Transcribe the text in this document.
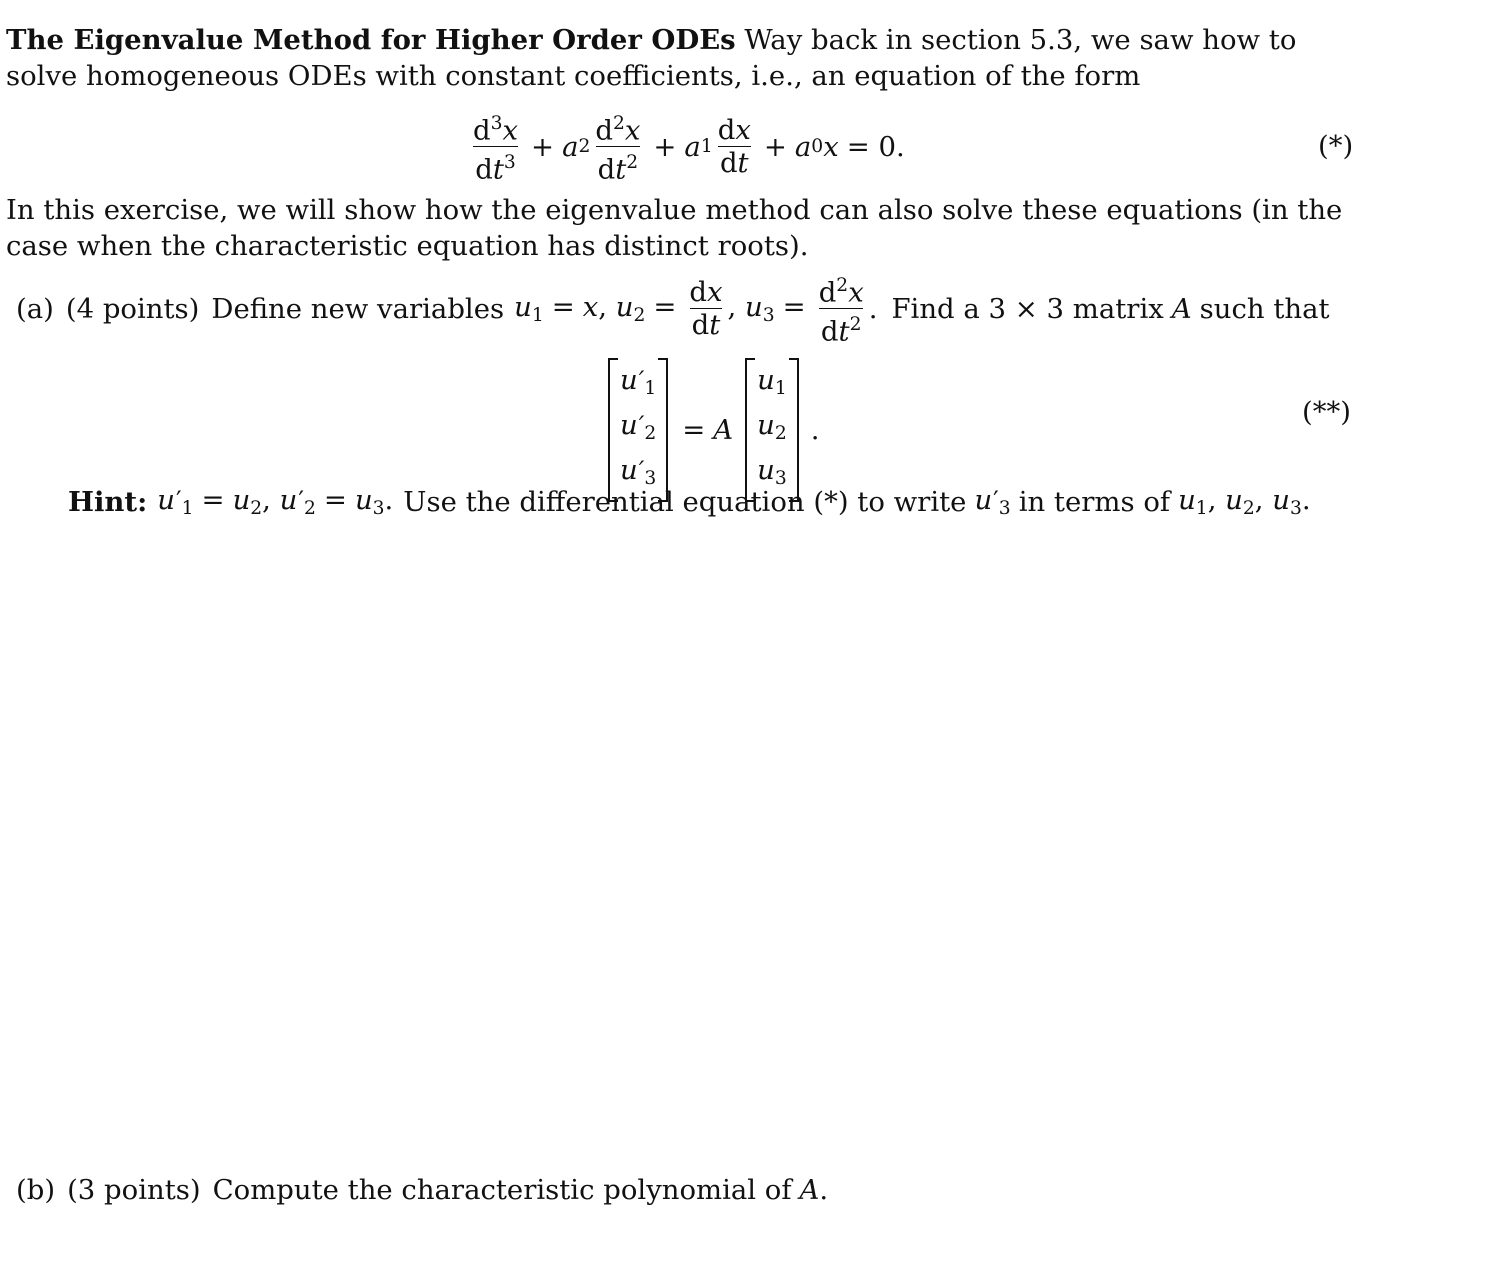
The Eigenvalue Method for Higher Order ODEs Way back in section 5.3, we saw how to solve homogeneous ODEs with constant coefficients, i.e., an equation of the form
$\frac{d^3x}{dt^3} + a$ $2 \frac{d^2x}{dt^2} + a$ $1 \frac{dx}{dt} + a$ 0 x = 0.	(*)
In this exercise, we will show how the eigenvalue method can also solve these equations (in the case when the characteristic equation has distinct roots).
(a) (4 points) Define new variables $u_1 = x$, $u_2 = \frac{dx}{dt}$ , $u_3 = \frac{d^2x}{dt^2}$ . Find a 3 × 3 matrix A such that
$u'_1$
$u'_2$
$u'_3$
= A
$u_1$
$u_2$
$u_3$
.
(**)
Hint: $u'_1 = u_2$, $u'_2 = u_3$. Use the differential equation (*) to write $u'_3$ in terms of $u_1$, $u_2$, $u_3$.
(b) (3 points) Compute the characteristic polynomial of A .
